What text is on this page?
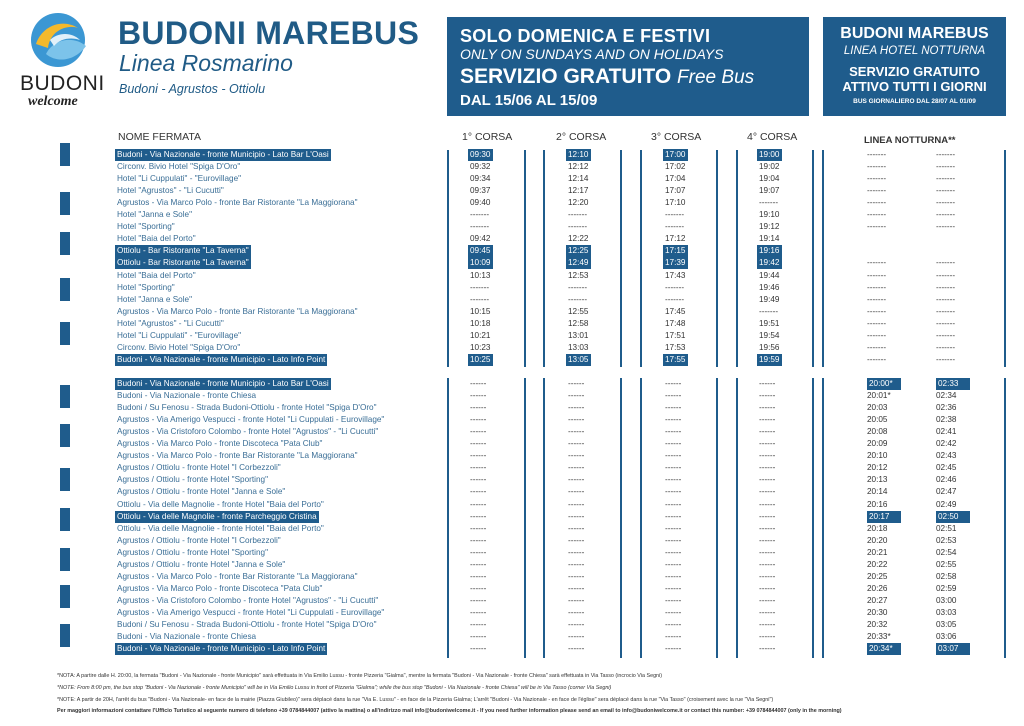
BUDONI
welcome
BUDONI MAREBUS
Linea Rosmarino
Budoni - Agrustos - Ottiolu
SOLO DOMENICA E FESTIVI
ONLY ON SUNDAYS AND ON HOLIDAYS
SERVIZIO GRATUITO Free Bus
DAL 15/06 AL 15/09
BUDONI MAREBUS
LINEA HOTEL NOTTURNA
SERVIZIO GRATUITO
ATTIVO TUTTI I GIORNI
BUS GIORNALIERO DAL 28/07 AL 01/09
NOME FERMATA	1° CORSA	2° CORSA	3° CORSA	4° CORSA	LINEA NOTTURNA**
Budoni - Via Nazionale - fronte Municipio - Lato Bar L'Oasi	09:30	12:10	17:00	19:00	-------	-------
Circonv. Bivio Hotel "Spiga D'Oro"	09:32	12:12	17:02	19:02	-------	-------
Hotel "Li Cuppulati" - "Eurovillage"	09:34	12:14	17:04	19:04	-------	-------
Hotel "Agrustos" - "Li Cucutti"	09:37	12:17	17:07	19:07	-------	-------
Agrustos - Via Marco Polo - fronte Bar Ristorante "La Maggiorana"	09:40	12:20	17:10	-------	-------	-------
Hotel "Janna e Sole"	-------	-------	-------	19:10	-------	-------
Hotel "Sporting"	-------	-------	-------	19:12	-------	-------
Hotel "Baia del Porto"	09:42	12:22	17:12	19:14
Ottiolu - Bar Ristorante "La Taverna"	09:45	12:25	17:15	19:16
Ottiolu - Bar Ristorante "La Taverna"	10:09	12:49	17:39	19:42	-------	-------
Hotel "Baia del Porto"	10:13	12:53	17:43	19:44	-------	-------
Hotel "Sporting"	-------	-------	-------	19:46	-------	-------
Hotel "Janna e Sole"	-------	-------	-------	19:49	-------	-------
Agrustos - Via Marco Polo - fronte Bar Ristorante "La Maggiorana"	10:15	12:55	17:45	-------	-------	-------
Hotel "Agrustos" - "Li Cucutti"	10:18	12:58	17:48	19:51	-------	-------
Hotel "Li Cuppulati" - "Eurovillage"	10:21	13:01	17:51	19:54	-------	-------
Circonv. Bivio Hotel "Spiga D'Oro"	10:23	13:03	17:53	19:56	-------	-------
Budoni - Via Nazionale - fronte Municipio - Lato Info Point	10:25	13:05	17:55	19:59	-------	-------
Budoni - Via Nazionale - fronte Municipio - Lato Bar L'Oasi	------	------	------	------	20:00*	02:33
Budoni - Via Nazionale - fronte Chiesa	------	------	------	------	20:01*	02:34
Budoni / Su Fenosu - Strada Budoni-Ottiolu - fronte Hotel "Spiga D'Oro"	------	------	------	------	20:03	02:36
Agrustos - Via Amerigo Vespucci - fronte Hotel "Li Cuppulati - Eurovillage"	------	------	------	------	20:05	02:38
Agrustos - Via Cristoforo Colombo - fronte Hotel "Agrustos" - "Li Cucutti"	------	------	------	------	20:08	02:41
Agrustos - Via Marco Polo - fronte Discoteca "Pata Club"	------	------	------	------	20:09	02:42
Agrustos - Via Marco Polo - fronte Bar Ristorante "La Maggiorana"	------	------	------	------	20:10	02:43
Agrustos / Ottiolu - fronte Hotel "I Corbezzoli"	------	------	------	------	20:12	02:45
Agrustos / Ottiolu - fronte Hotel "Sporting"	------	------	------	------	20:13	02:46
Agrustos / Ottiolu - fronte Hotel "Janna e Sole"	------	------	------	------	20:14	02:47
Ottiolu - Via delle Magnolie - fronte Hotel "Baia del Porto"	------	------	------	------	20:16	02:49
Ottiolu - Via delle Magnolie - fronte Parcheggio Cristina	------	------	------	------	20:17	02:50
Ottiolu - Via delle Magnolie - fronte Hotel "Baia del Porto"	------	------	------	------	20:18	02:51
Agrustos / Ottiolu - fronte Hotel "I Corbezzoli"	------	------	------	------	20:20	02:53
Agrustos / Ottiolu - fronte Hotel "Sporting"	------	------	------	------	20:21	02:54
Agrustos / Ottiolu - fronte Hotel "Janna e Sole"	------	------	------	------	20:22	02:55
Agrustos - Via Marco Polo - fronte Bar Ristorante "La Maggiorana"	------	------	------	------	20:25	02:58
Agrustos - Via Marco Polo - fronte Discoteca "Pata Club"	------	------	------	------	20:26	02:59
Agrustos - Via Cristoforo Colombo - fronte Hotel "Agrustos" - "Li Cucutti"	------	------	------	------	20:27	03:00
Agrustos - Via Amerigo Vespucci - fronte Hotel "Li Cuppulati - Eurovillage"	------	------	------	------	20:30	03:03
Budoni / Su Fenosu - Strada Budoni-Ottiolu - fronte Hotel "Spiga D'Oro"	------	------	------	------	20:32	03:05
Budoni - Via Nazionale - fronte Chiesa	------	------	------	------	20:33*	03:06
Budoni - Via Nazionale - fronte Municipio - Lato Info Point	------	------	------	------	20:34*	03:07
*NOTA: A partire dalle H. 20:00, la fermata "Budoni - Via Nazionale - fronte Municipio" sarà effettuata in Via Emilio Lussu - fronte Pizzeria "Gialma", mentre la fermata "Budoni - Via Nazionale - fronte Chiesa" sarà effettuata in Via Tasso (incrocio Via Segni)
*NOTE: From 8:00 pm, the bus stop "Budoni - Via Nazionale - fronte Municipio" will be in Via Emilio Lussu in front of Pizzeria "Gialma"; while the bus stop "Budoni - Via Nazionale - fronte Chiesa" will be in Via Tasso (corner Via Segni)
*NOTE: A partir de 20H, l'arrêt du bus "Budoni - Via Nazionale- en face de la mairie (Piazza Giubileo)" sera déplacé dans la rue "Via E. Lussu" - en face de la Pizzeria Gialma; L'arrêt "Budoni - Via Nazionale - en face de l'église" sera déplacé dans la rue "Via Tasso" (croisement avec la rue "Via Segni")
Per maggiori informazioni contattare l'Ufficio Turistico al seguente numero di telefono +39 0784844007 (attivo la mattina) o all'indirizzo mail info@budoniwelcome.it - If you need further information please send an email to info@budoniwelcome.it or contact this number: +39 0784844007 (only in the morning)
